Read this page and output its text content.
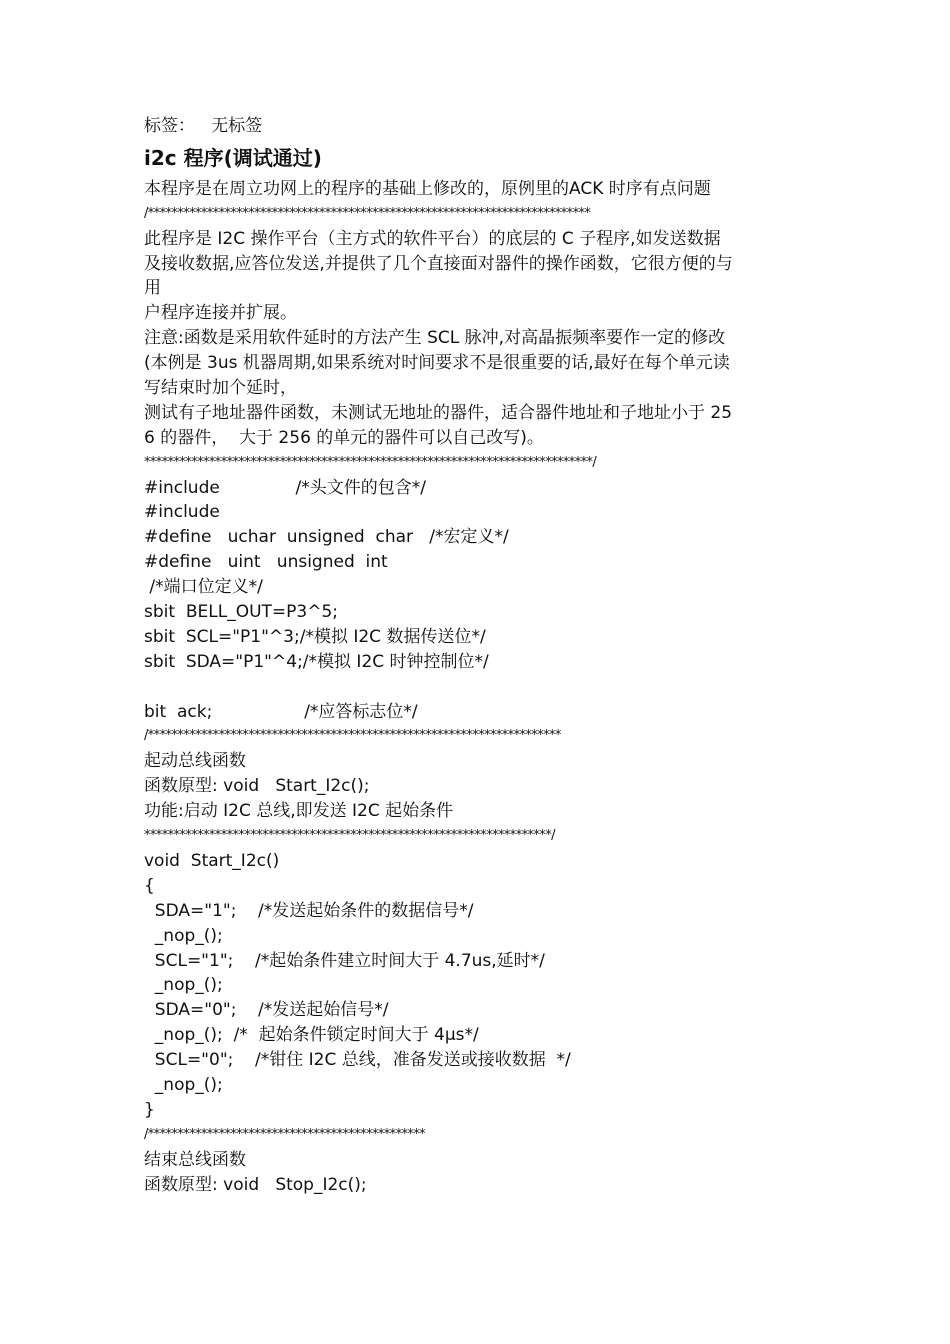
标签：   无标签
i2c 程序(调试通过)
本程序是在周立功网上的程序的基础上修改的，原例里的ACK 时序有点问题
/***************************************************************************
此程序是 I2C 操作平台（主方式的软件平台）的底层的 C 子程序,如发送数据
及接收数据,应答位发送,并提供了几个直接面对器件的操作函数，它很方便的与
用
户程序连接并扩展。
注意:函数是采用软件延时的方法产生 SCL 脉冲,对高晶振频率要作一定的修改
(本例是 3us 机器周期,如果系统对时间要求不是很重要的话,最好在每个单元读
写结束时加个延时，
测试有子地址器件函数，未测试无地址的器件，适合器件地址和子地址小于 25
6 的器件，  大于 256 的单元的器件可以自己改写)。
****************************************************************************/
#include              /*头文件的包含*/
#include
#define   uchar  unsigned  char   /*宏定义*/
#define   uint   unsigned  int
/*端口位定义*/
sbit  BELL_OUT=P3^5;
sbit  SCL="P1"^3;/*模拟 I2C 数据传送位*/
sbit  SDA="P1"^4;/*模拟 I2C 时钟控制位*/
bit  ack;                 /*应答标志位*/
/**********************************************************************
起动总线函数
函数原型: void   Start_I2c();
功能:启动 I2C 总线,即发送 I2C 起始条件
*********************************************************************/
void  Start_I2c()
{
SDA="1";    /*发送起始条件的数据信号*/
_nop_();
SCL="1";    /*起始条件建立时间大于 4.7us,延时*/
_nop_();
SDA="0";    /*发送起始信号*/
_nop_();  /*  起始条件锁定时间大于 4μs*/
SCL="0";    /*钳住 I2C 总线，准备发送或接收数据  */
_nop_();
}
/***********************************************
结束总线函数
函数原型: void   Stop_I2c();
